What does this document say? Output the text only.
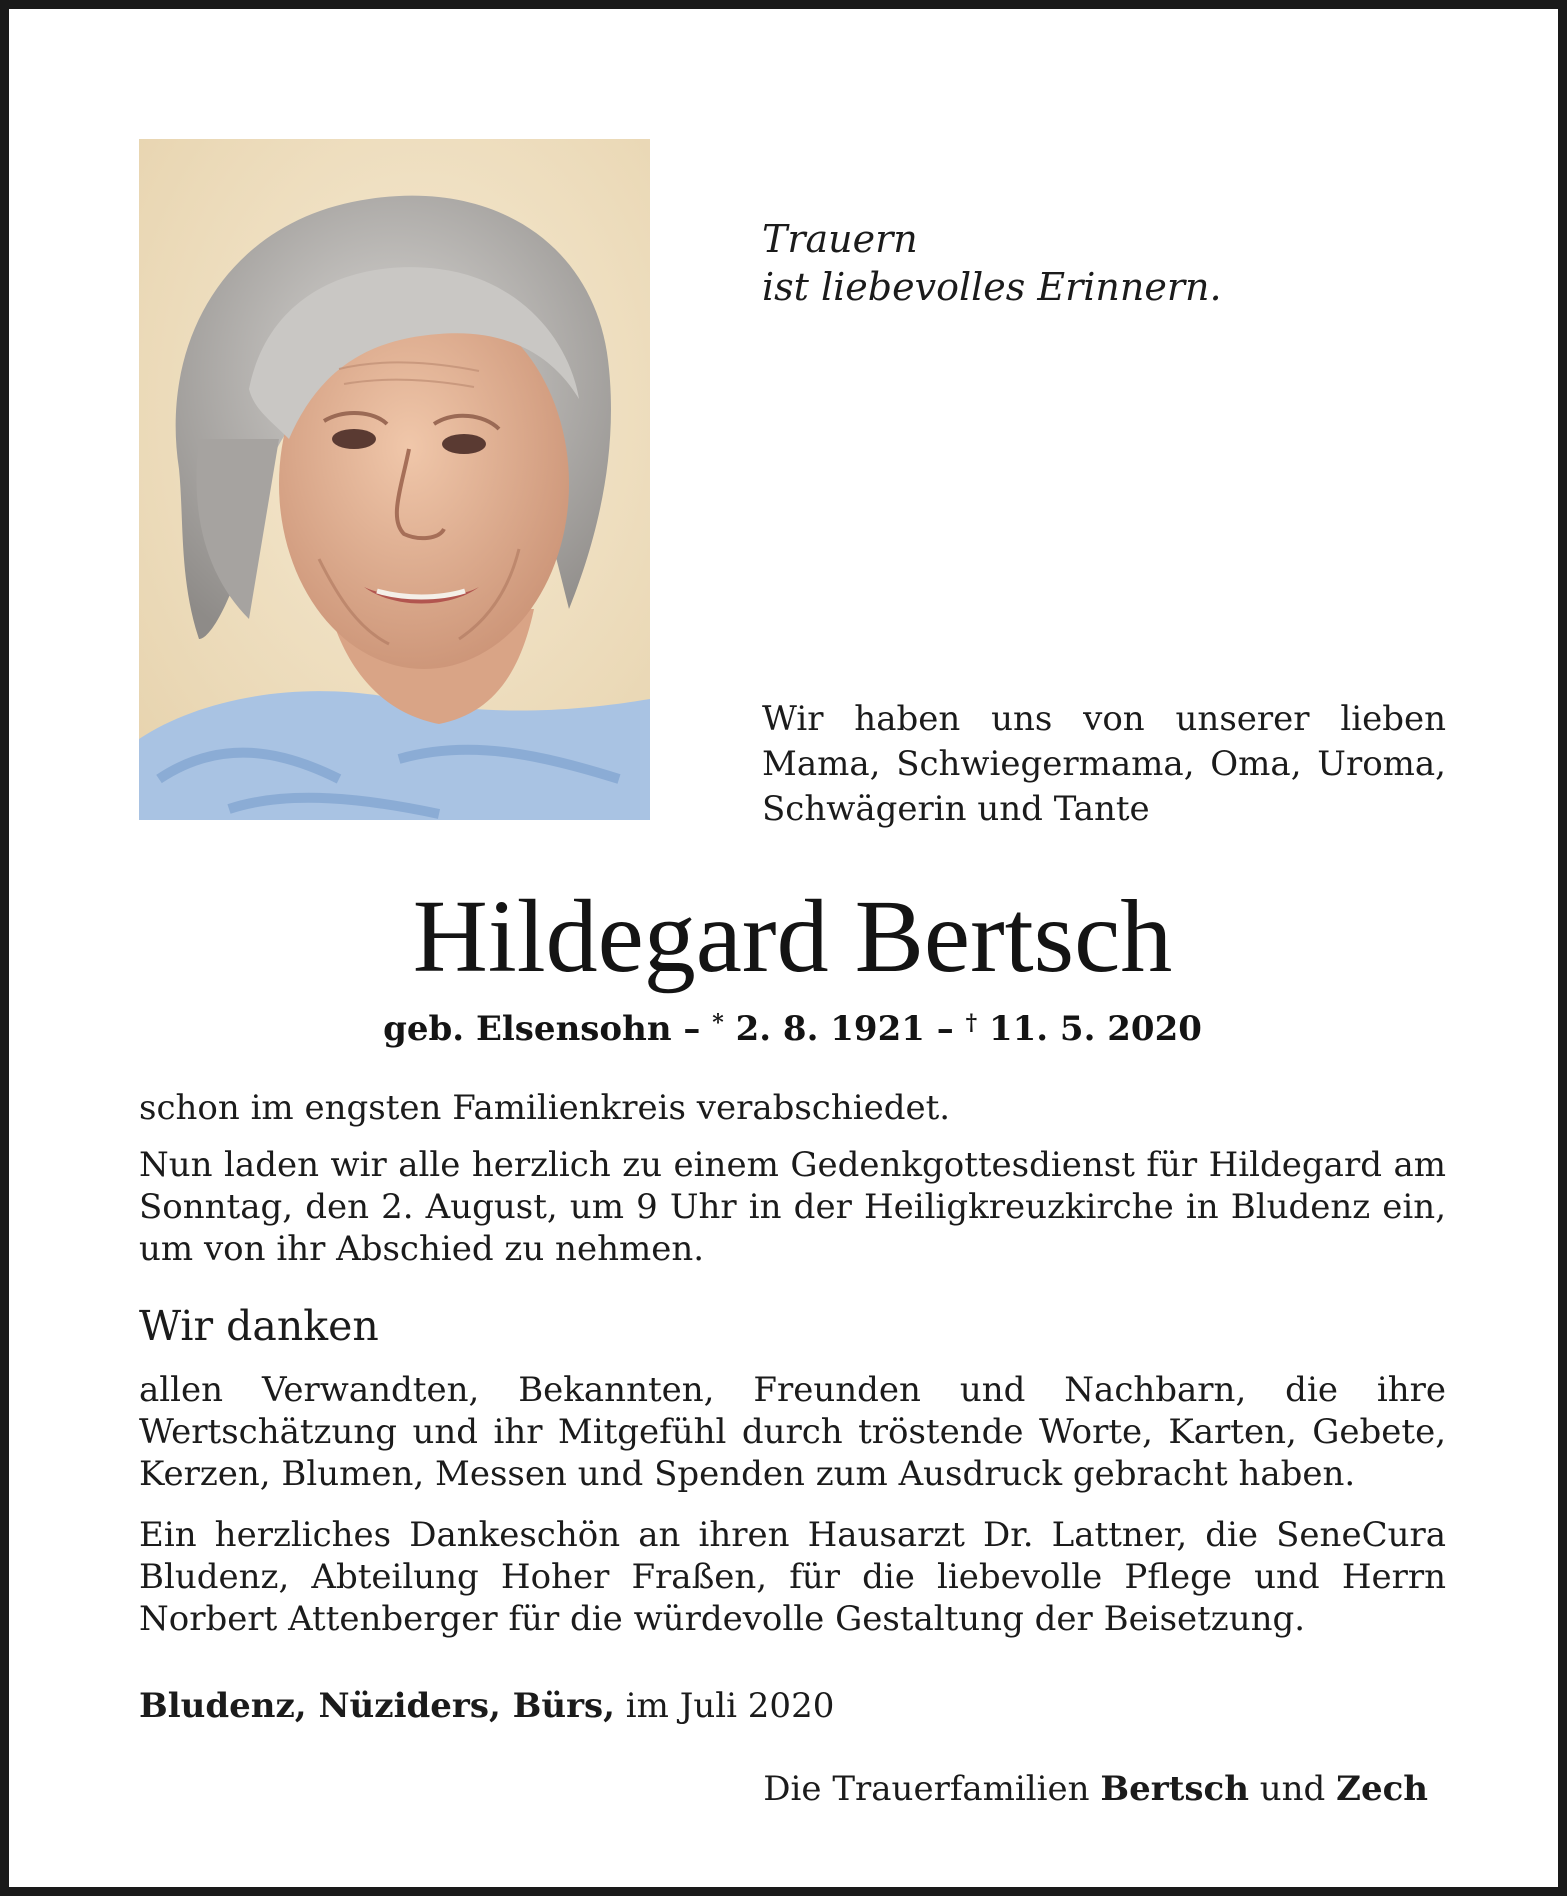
Trauern
ist liebevolles Erinnern.
Wir haben uns von unserer lieben Mama, Schwiegermama, Oma, Uroma, Schwägerin und Tante
Hildegard Bertsch
geb. Elsensohn – * 2. 8. 1921 – † 11. 5. 2020
schon im engsten Familienkreis verabschiedet.
Nun laden wir alle herzlich zu einem Gedenkgottesdienst für Hildegard am Sonntag, den 2. August, um 9 Uhr in der Heiligkreuzkirche in Bludenz ein, um von ihr Abschied zu nehmen.
Wir danken
allen Verwandten, Bekannten, Freunden und Nachbarn, die ihre Wertschätzung und ihr Mitgefühl durch tröstende Worte, Karten, Gebete, Kerzen, Blumen, Messen und Spenden zum Ausdruck gebracht haben.
Ein herzliches Dankeschön an ihren Hausarzt Dr. Lattner, die SeneCura Bludenz, Abteilung Hoher Fraßen, für die liebevolle Pflege und Herrn Norbert Attenberger für die würdevolle Gestaltung der Beisetzung.
Bludenz, Nüziders, Bürs, im Juli 2020
Die Trauerfamilien Bertsch und Zech
